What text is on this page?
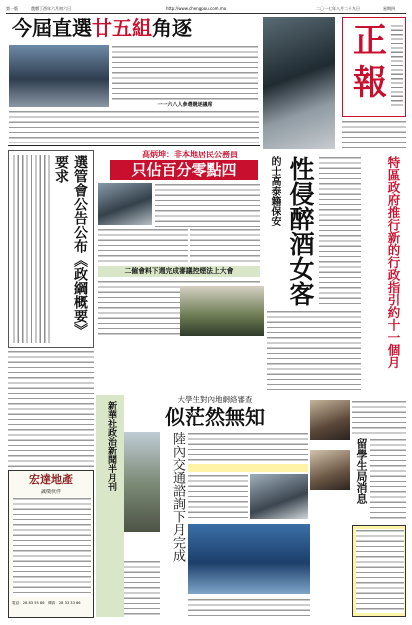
第一版	農曆丁酉年六月初六日	http://www.chengpou.com.mo	二〇一七年八月二十九日	星期四
今屆直選廿五組角逐
一一六八人參選競逐議席
正
報
選管會公告公布《政綱概要》要求
高炳坤：非本地居民公務員
只佔百分零點四
二僱會料下週完成審議控煙法上大會
的士高泰籍保安 性侵醉酒女客	特區政府推行新的行政指引約十一個月
宏達地產
誠徵伙伴
電話：28 83 55 86　傳真：28 33 33 66
大學生對內地網絡審查
似茫然無知
新華社政治新聞半月刊	陸內交通諮詢下月完成	留學生局消息
